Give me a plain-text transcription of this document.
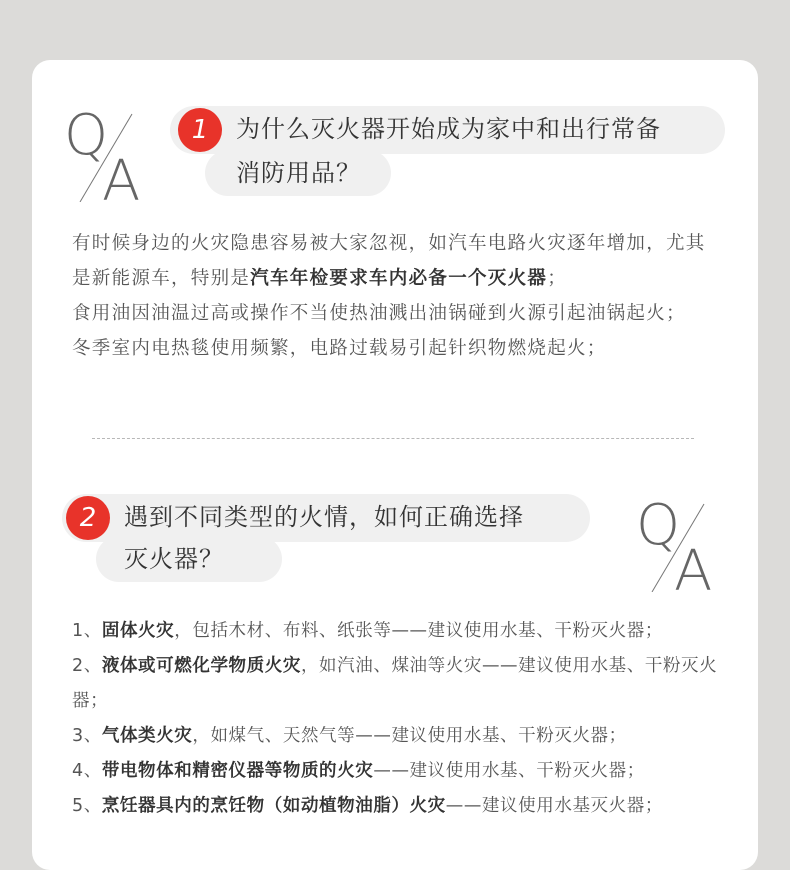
Q
A
1	为什么灭火器开始成为家中和出行常备
消防用品？

有时候身边的火灾隐患容易被大家忽视，如汽车电路火灾逐年增加，尤其是新能源车，特别是汽车年检要求车内必备一个灭火器；

食用油因油温过高或操作不当使热油溅出油锅碰到火源引起油锅起火；

冬季室内电热毯使用频繁，电路过载易引起针织物燃烧起火；

2	遇到不同类型的火情，如何正确选择
灭火器？
Q
A

1、固体火灾，包括木材、布料、纸张等——建议使用水基、干粉灭火器；

2、液体或可燃化学物质火灾，如汽油、煤油等火灾——建议使用水基、干粉灭火器；

3、气体类火灾，如煤气、天然气等——建议使用水基、干粉灭火器；

4、带电物体和精密仪器等物质的火灾——建议使用水基、干粉灭火器；

5、烹饪器具内的烹饪物（如动植物油脂）火灾——建议使用水基灭火器；
